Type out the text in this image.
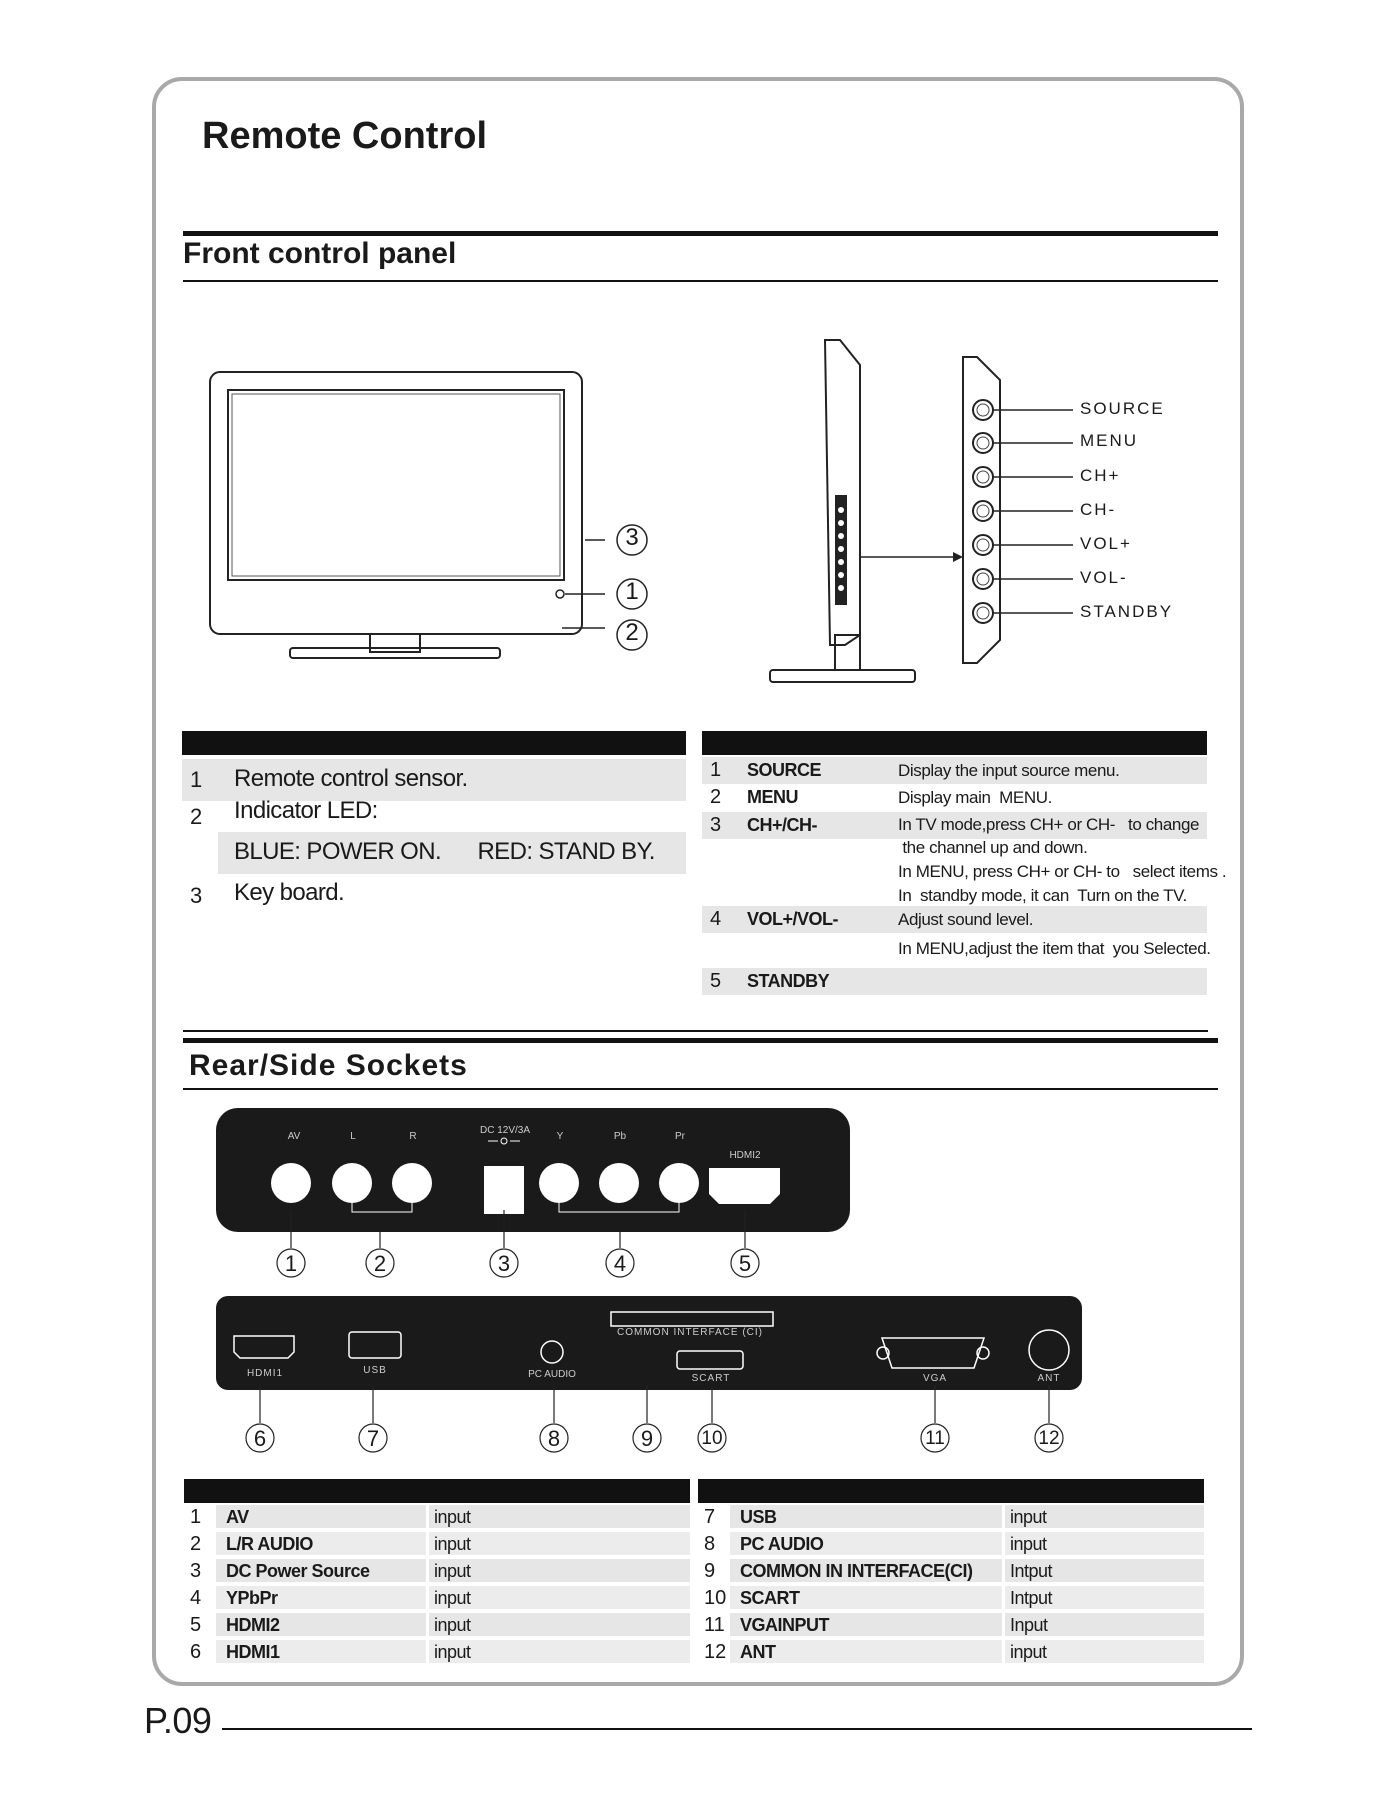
Remote Control
Front control panel
3
1
2
SOURCE
MENU
CH+
CH-
VOL+
VOL-
STANDBY
1 Remote control sensor.
2 Indicator LED:
BLUE: POWER ON.      RED: STAND BY.
3 Key board.
1 SOURCE	Display the input source menu.
2 MENU	Display main  MENU.
3 CH+/CH-	In TV mode,press CH+ or CH-   to change
the channel up and down.
In MENU, press CH+ or CH- to   select items .
In  standby mode, it can  Turn on the TV.
4 VOL+/VOL-	Adjust sound level.
In MENU,adjust the item that  you Selected.
5 STANDBY
Rear/Side Sockets
AV	L	R
DC 12V/3A
Y	Pb	Pr
HDMI2
1	2	3	4	5
HDMI1	USB	PC AUDIO
COMMON INTERFACE (CI)
SCART	VGA	ANT
6	7	8	9	10	11	12
1 AV	input
2 L/R AUDIO	input
3 DC Power Source	input
4 YPbPr	input
5 HDMI2	input
6 HDMI1	input
7 USB	input
8 PC AUDIO	input
9 COMMON IN INTERFACE(CI) Intput
10 SCART	Intput
11 VGAINPUT	Input
12 ANT	input
P.09
